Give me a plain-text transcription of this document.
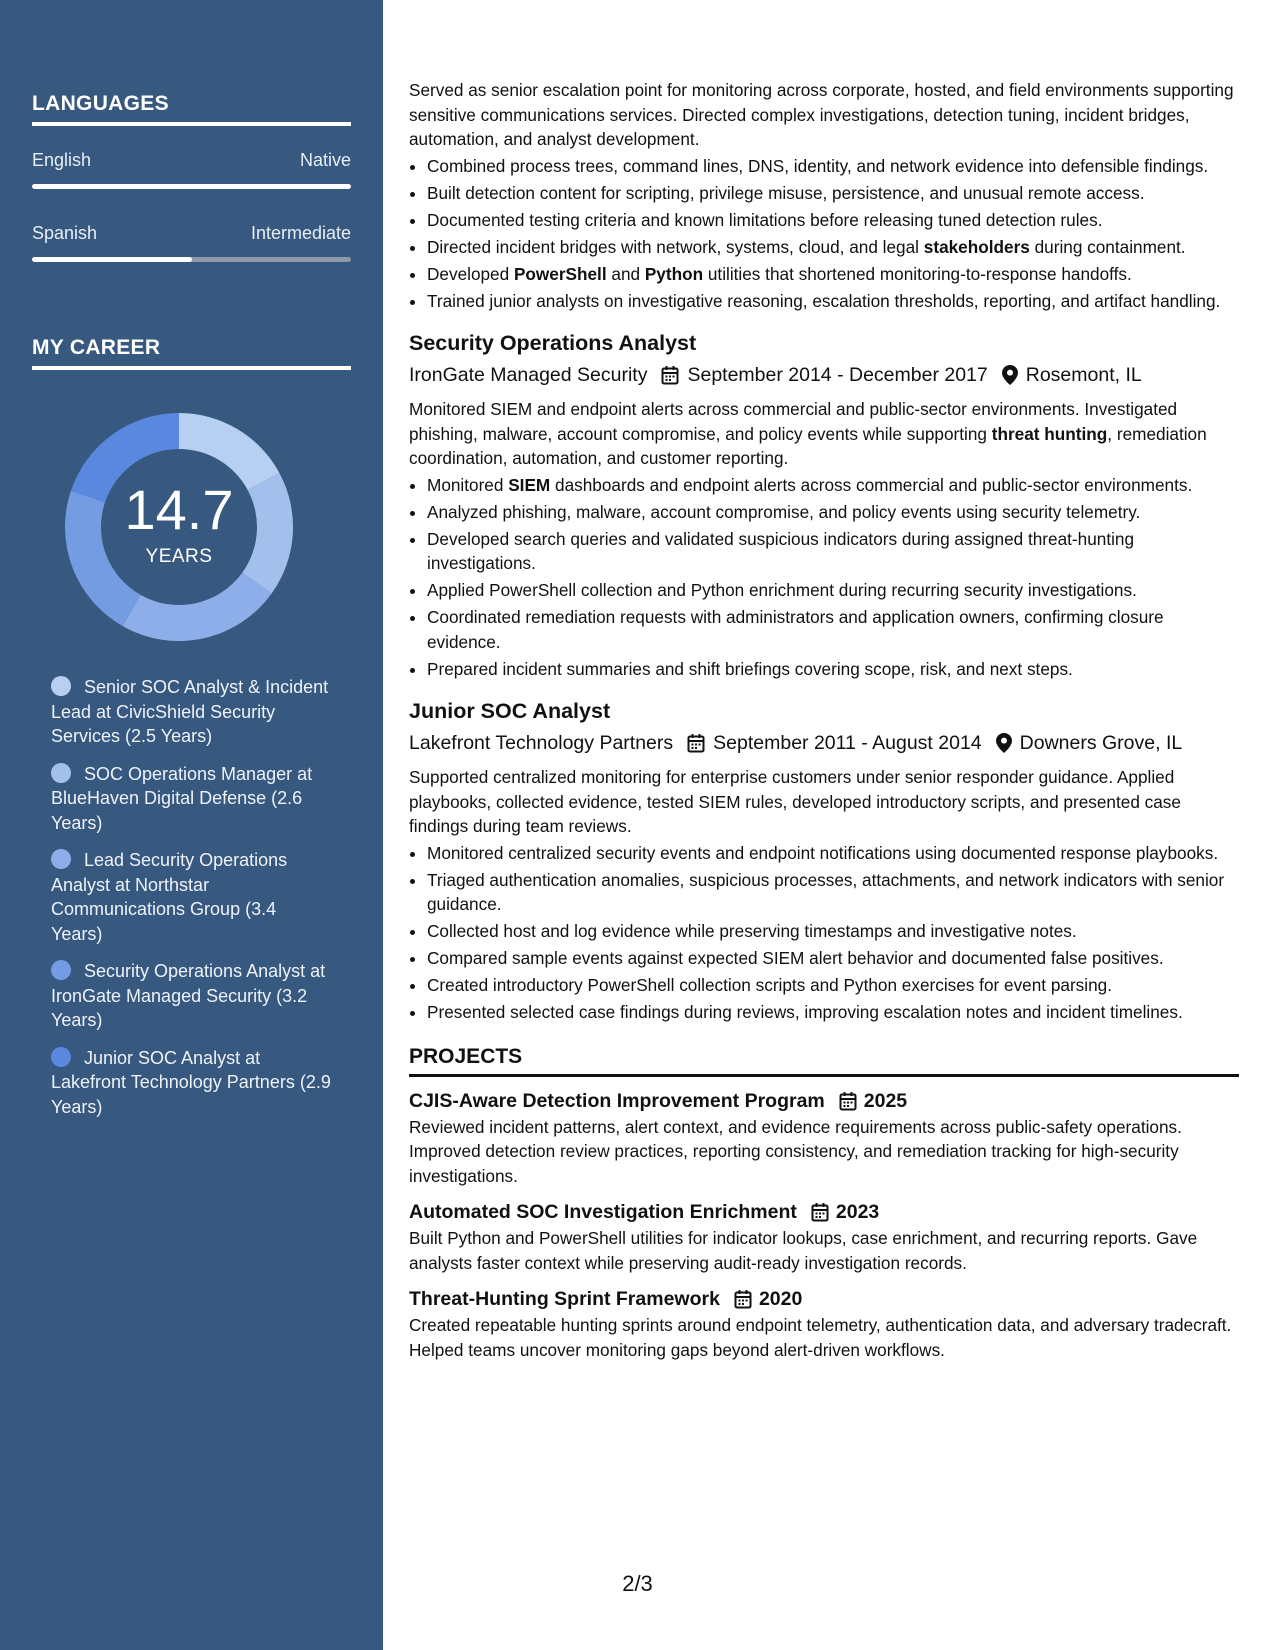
LANGUAGES
English	Native
Spanish	Intermediate
MY CAREER
14.7
YEARS
Senior SOC Analyst & Incident Lead at CivicShield Security Services (2.5 Years)
SOC Operations Manager at BlueHaven Digital Defense (2.6 Years)
Lead Security Operations Analyst at Northstar Communications Group (3.4 Years)
Security Operations Analyst at IronGate Managed Security (3.2 Years)
Junior SOC Analyst at Lakefront Technology Partners (2.9 Years)

Served as senior escalation point for monitoring across corporate, hosted, and field environments supporting sensitive communications services. Directed complex investigations, detection tuning, incident bridges, automation, and analyst development.

• Combined process trees, command lines, DNS, identity, and network evidence into defensible findings.
• Built detection content for scripting, privilege misuse, persistence, and unusual remote access.
• Documented testing criteria and known limitations before releasing tuned detection rules.
• Directed incident bridges with network, systems, cloud, and legal stakeholders during containment.
• Developed PowerShell and Python utilities that shortened monitoring-to-response handoffs.
• Trained junior analysts on investigative reasoning, escalation thresholds, reporting, and artifact handling.
Security Operations Analyst
IronGate Managed Security September 2014 - December 2017 Rosemont, IL

Monitored SIEM and endpoint alerts across commercial and public-sector environments. Investigated phishing, malware, account compromise, and policy events while supporting threat hunting, remediation coordination, automation, and customer reporting.

• Monitored SIEM dashboards and endpoint alerts across commercial and public-sector environments.
• Analyzed phishing, malware, account compromise, and policy events using security telemetry.
• Developed search queries and validated suspicious indicators during assigned threat-hunting investigations.
• Applied PowerShell collection and Python enrichment during recurring security investigations.
• Coordinated remediation requests with administrators and application owners, confirming closure evidence.
• Prepared incident summaries and shift briefings covering scope, risk, and next steps.
Junior SOC Analyst
Lakefront Technology Partners September 2011 - August 2014 Downers Grove, IL

Supported centralized monitoring for enterprise customers under senior responder guidance. Applied playbooks, collected evidence, tested SIEM rules, developed introductory scripts, and presented case findings during team reviews.

• Monitored centralized security events and endpoint notifications using documented response playbooks.
• Triaged authentication anomalies, suspicious processes, attachments, and network indicators with senior guidance.
• Collected host and log evidence while preserving timestamps and investigative notes.
• Compared sample events against expected SIEM alert behavior and documented false positives.
• Created introductory PowerShell collection scripts and Python exercises for event parsing.
• Presented selected case findings during reviews, improving escalation notes and incident timelines.
PROJECTS
CJIS-Aware Detection Improvement Program 2025

Reviewed incident patterns, alert context, and evidence requirements across public-safety operations. Improved detection review practices, reporting consistency, and remediation tracking for high-security investigations.

Automated SOC Investigation Enrichment 2023

Built Python and PowerShell utilities for indicator lookups, case enrichment, and recurring reports. Gave analysts faster context while preserving audit-ready investigation records.

Threat-Hunting Sprint Framework 2020

Created repeatable hunting sprints around endpoint telemetry, authentication data, and adversary tradecraft. Helped teams uncover monitoring gaps beyond alert-driven workflows.

2/3
